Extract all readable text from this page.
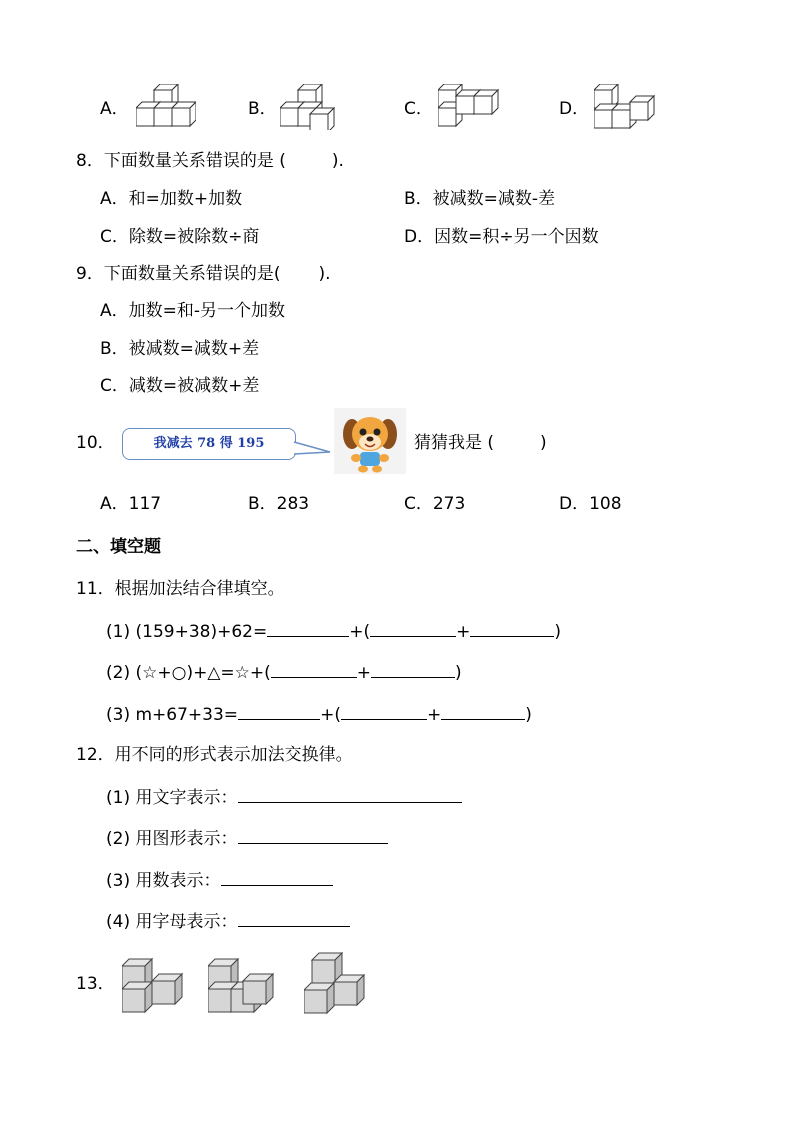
A．	B．	C．	D．
8．下面数量关系错误的是 (	).
A．和=加数+加数	B．被减数=减数-差
C．除数=被除数÷商	D．因数=积÷另一个因数
9．下面数量关系错误的是( ).
A．加数=和-另一个加数
B．被减数=减数+差
C．减数=被减数+差
10．	我减去 78 得 195	猜猜我是 (	)
A．117	B．283	C．273	D．108
二、填空题
11．根据加法结合律填空。
(1) (159+38)+62=	+(	+	)
(2) (☆+○)+△=☆+(	+	)
(3) m+67+33=	+(	+	)
12．用不同的形式表示加法交换律。
(1) 用文字表示：
(2) 用图形表示：
(3) 用数表示：
(4) 用字母表示：
13．
